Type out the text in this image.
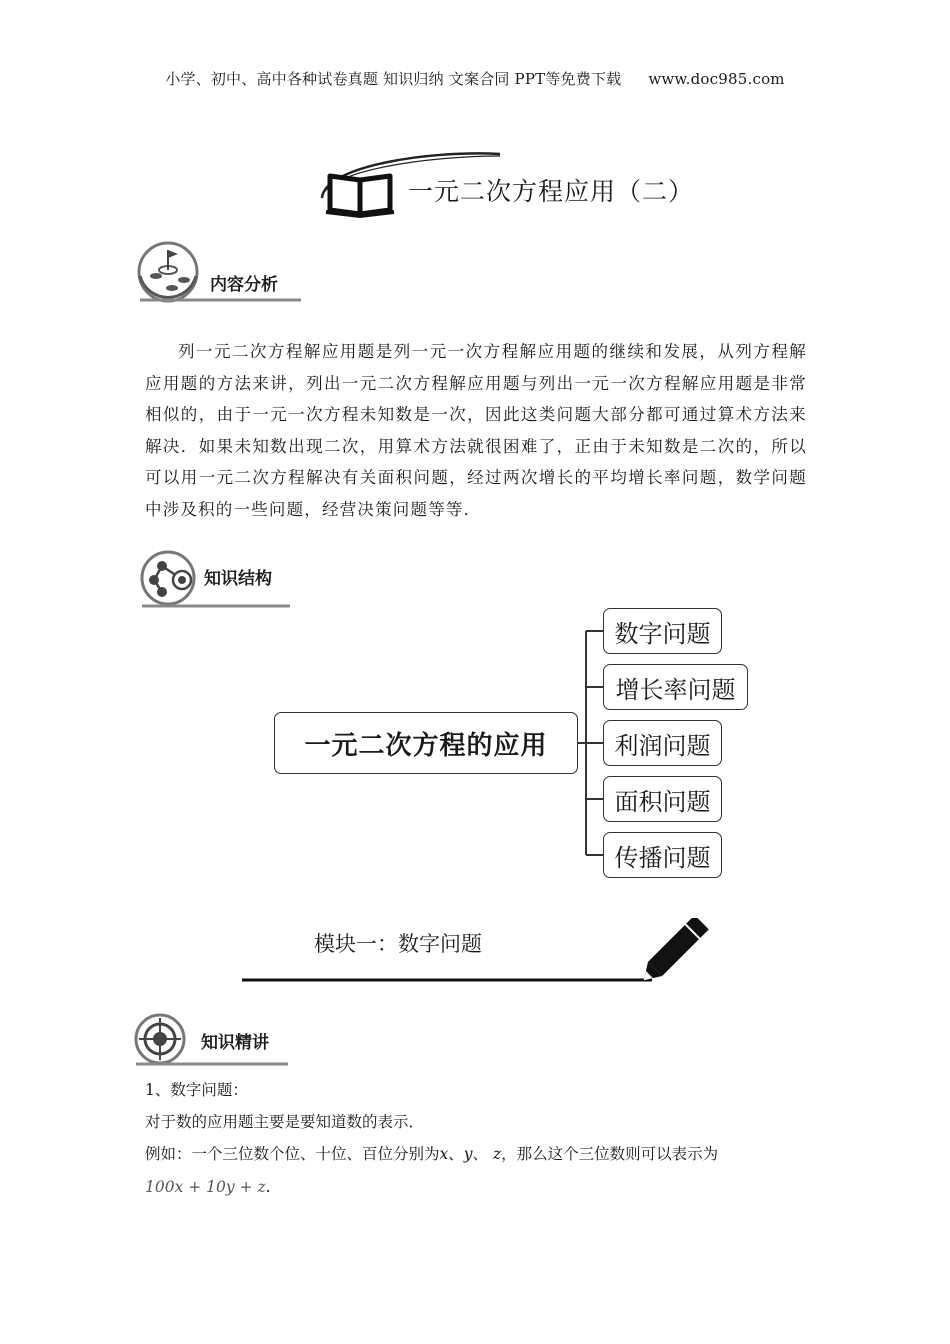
小学、初中、高中各种试卷真题 知识归纳 文案合同 PPT等免费下载 www.doc985.com
一元二次方程应用（二）
内容分析

列一元二次方程解应用题是列一元一次方程解应用题的继续和发展，从列方程解应用题的方法来讲，列出一元二次方程解应用题与列出一元一次方程解应用题是非常相似的，由于一元一次方程未知数是一次，因此这类问题大部分都可通过算术方法来解决．如果未知数出现二次，用算术方法就很困难了，正由于未知数是二次的，所以可以用一元二次方程解决有关面积问题，经过两次增长的平均增长率问题，数学问题中涉及积的一些问题，经营决策问题等等．

知识结构
一元二次方程的应用
数字问题
增长率问题
利润问题
面积问题
传播问题
模块一：数字问题
知识精讲
1、数字问题：
对于数的应用题主要是要知道数的表示．
例如：一个三位数个位、十位、百位分别为x、y、 z，那么这个三位数则可以表示为
100x + 10y + z.
